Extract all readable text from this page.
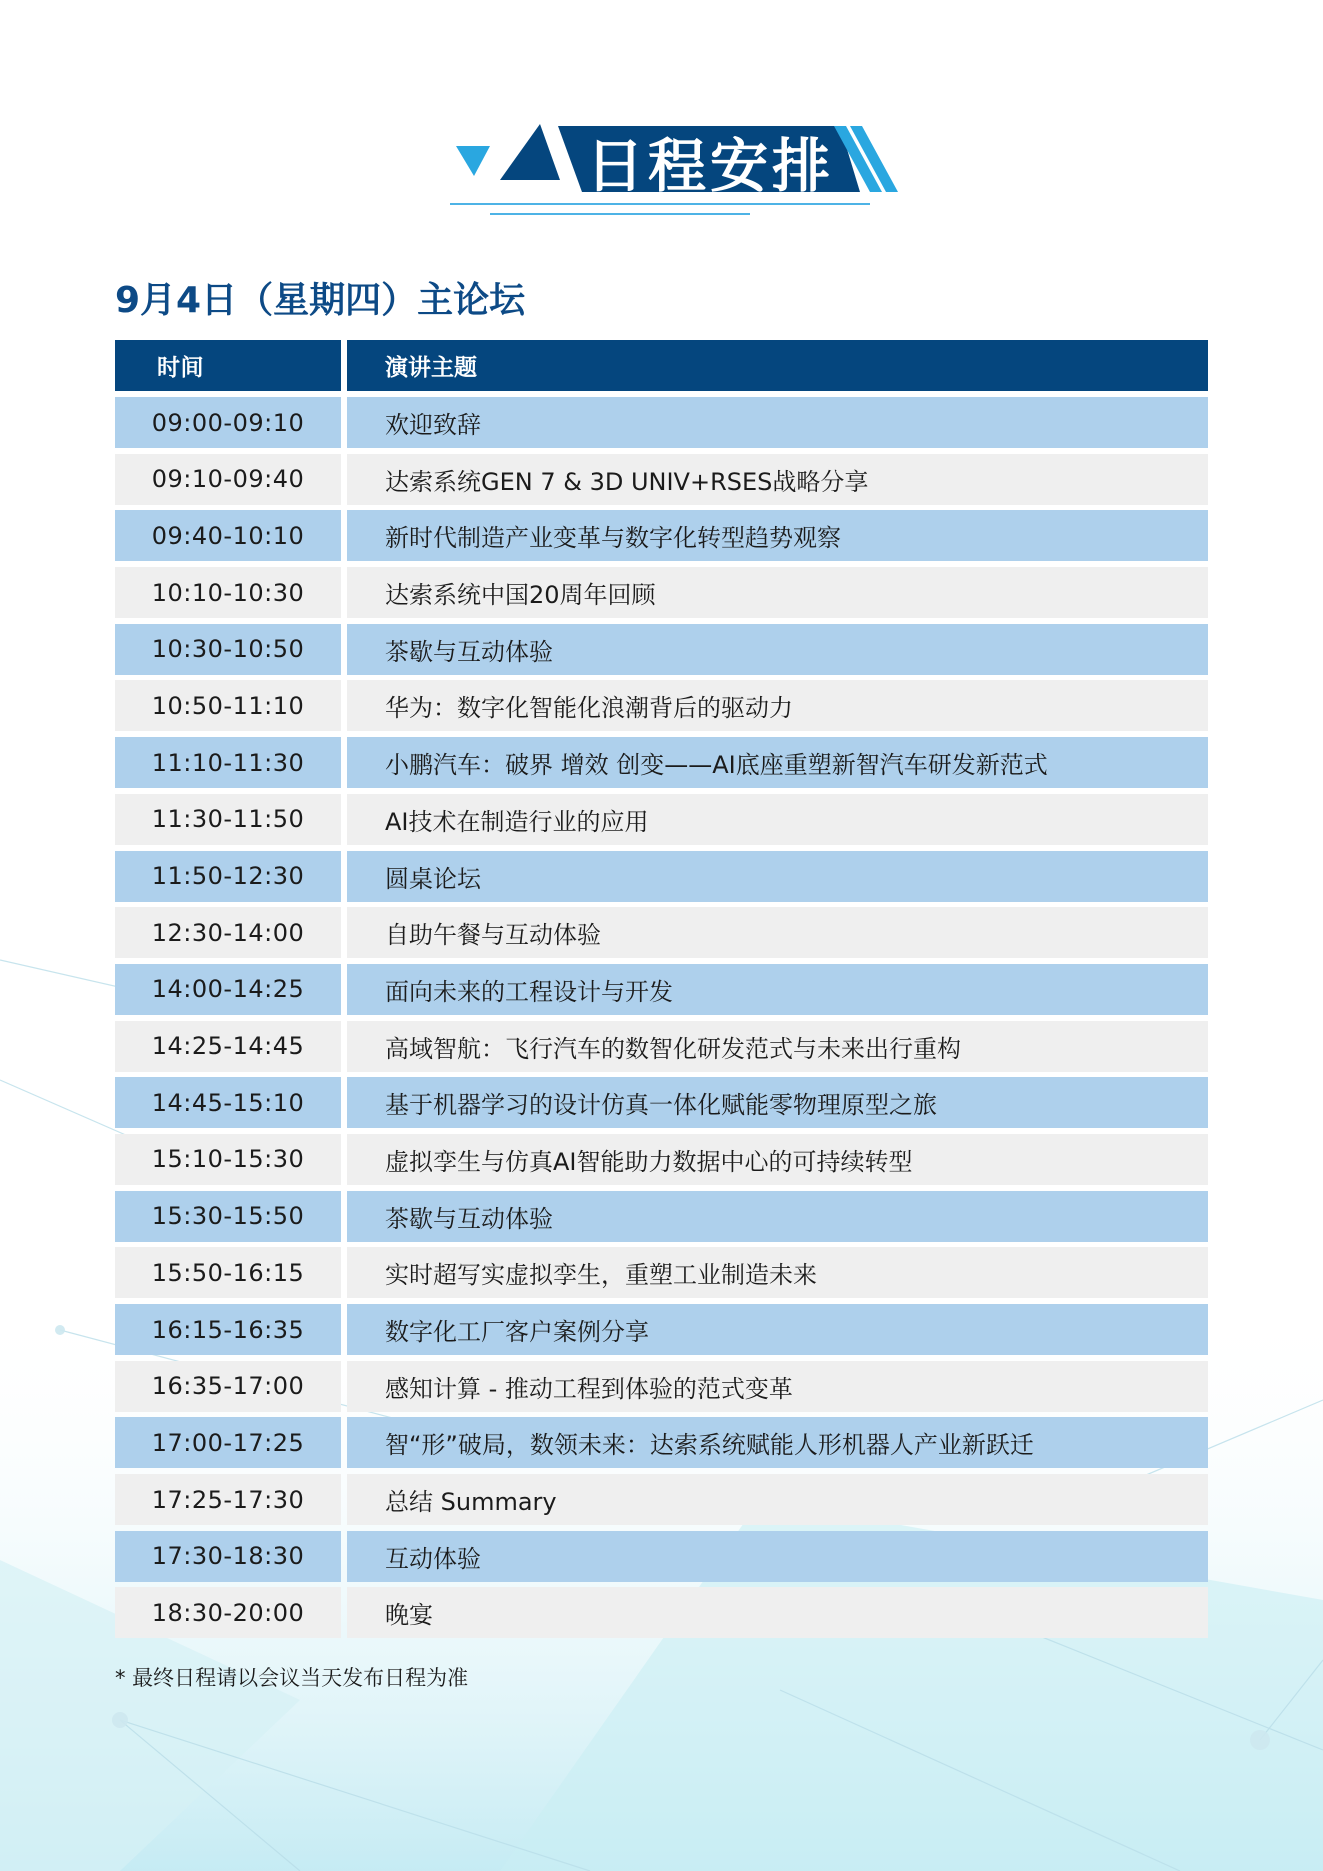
日程安排
9月4日（星期四）主论坛
时间	演讲主题
09:00-09:10	欢迎致辞
09:10-09:40	达索系统GEN 7 & 3D UNIV+RSES战略分享
09:40-10:10	新时代制造产业变革与数字化转型趋势观察
10:10-10:30	达索系统中国20周年回顾
10:30-10:50	茶歇与互动体验
10:50-11:10	华为：数字化智能化浪潮背后的驱动力
11:10-11:30	小鹏汽车：破界 增效 创变——AI底座重塑新智汽车研发新范式
11:30-11:50	AI技术在制造行业的应用
11:50-12:30	圆桌论坛
12:30-14:00	自助午餐与互动体验
14:00-14:25	面向未来的工程设计与开发
14:25-14:45	高域智航：飞行汽车的数智化研发范式与未来出行重构
14:45-15:10	基于机器学习的设计仿真一体化赋能零物理原型之旅
15:10-15:30	虚拟孪生与仿真AI智能助力数据中心的可持续转型
15:30-15:50	茶歇与互动体验
15:50-16:15	实时超写实虚拟孪生，重塑工业制造未来
16:15-16:35	数字化工厂客户案例分享
16:35-17:00	感知计算 - 推动工程到体验的范式变革
17:00-17:25	智“形”破局，数领未来：达索系统赋能人形机器人产业新跃迁
17:25-17:30	总结 Summary
17:30-18:30	互动体验
18:30-20:00	晚宴
* 最终日程请以会议当天发布日程为准
